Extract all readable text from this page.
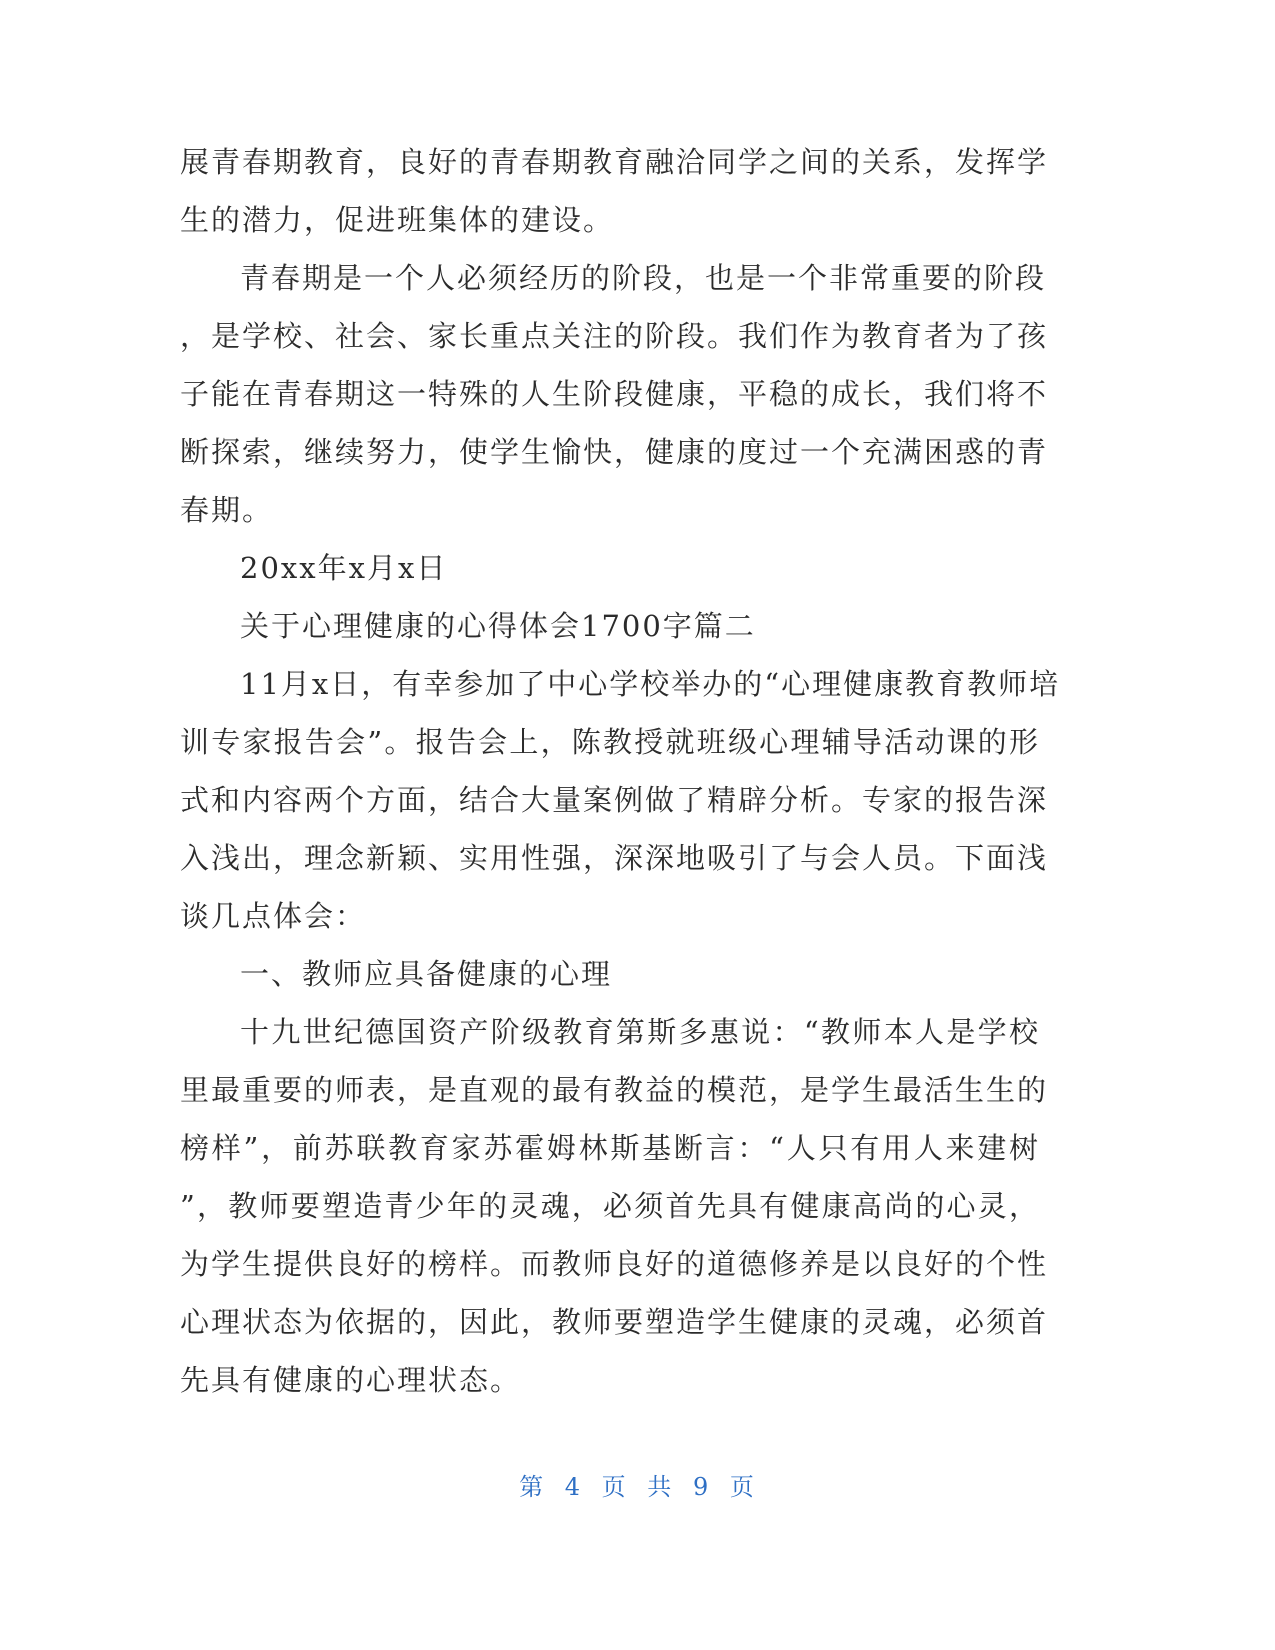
展青春期教育，良好的青春期教育融洽同学之间的关系，发挥学

生的潜力，促进班集体的建设。

青春期是一个人必须经历的阶段，也是一个非常重要的阶段

，是学校、社会、家长重点关注的阶段。我们作为教育者为了孩

子能在青春期这一特殊的人生阶段健康，平稳的成长，我们将不

断探索，继续努力，使学生愉快，健康的度过一个充满困惑的青

春期。

20xx年x月x日

关于心理健康的心得体会1700字篇二

11月x日，有幸参加了中心学校举办的“心理健康教育教师培

训专家报告会”。报告会上，陈教授就班级心理辅导活动课的形

式和内容两个方面，结合大量案例做了精辟分析。专家的报告深

入浅出，理念新颖、实用性强，深深地吸引了与会人员。下面浅

谈几点体会：

一、教师应具备健康的心理

十九世纪德国资产阶级教育第斯多惠说：“教师本人是学校

里最重要的师表，是直观的最有教益的模范，是学生最活生生的

榜样”，前苏联教育家苏霍姆林斯基断言：“人只有用人来建树

”，教师要塑造青少年的灵魂，必须首先具有健康高尚的心灵，

为学生提供良好的榜样。而教师良好的道德修养是以良好的个性

心理状态为依据的，因此，教师要塑造学生健康的灵魂，必须首

先具有健康的心理状态。

第 4 页 共 9 页
